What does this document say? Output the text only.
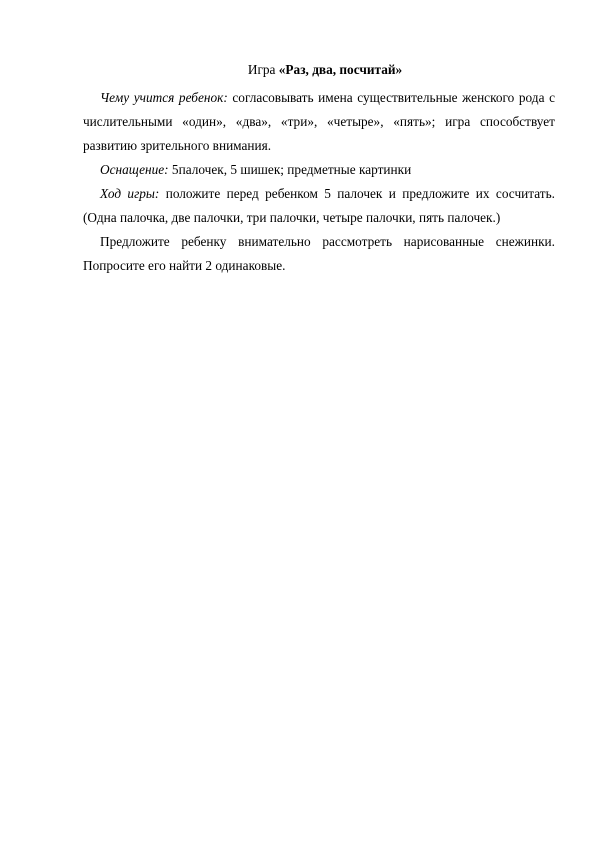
Игра «Раз, два, посчитай»

Чему учится ребенок: согласовывать имена существительные женского рода с числительными «один», «два», «три», «четыре», «пять»; игра способствует развитию зрительного внимания.

Оснащение: 5палочек, 5 шишек; предметные картинки

Ход игры: положите перед ребенком 5 палочек и предложите их сосчитать. (Одна палочка, две палочки, три палочки, четыре палочки, пять палочек.)

Предложите ребенку внимательно рассмотреть нарисованные снежинки. Попросите его найти 2 одинаковые.
